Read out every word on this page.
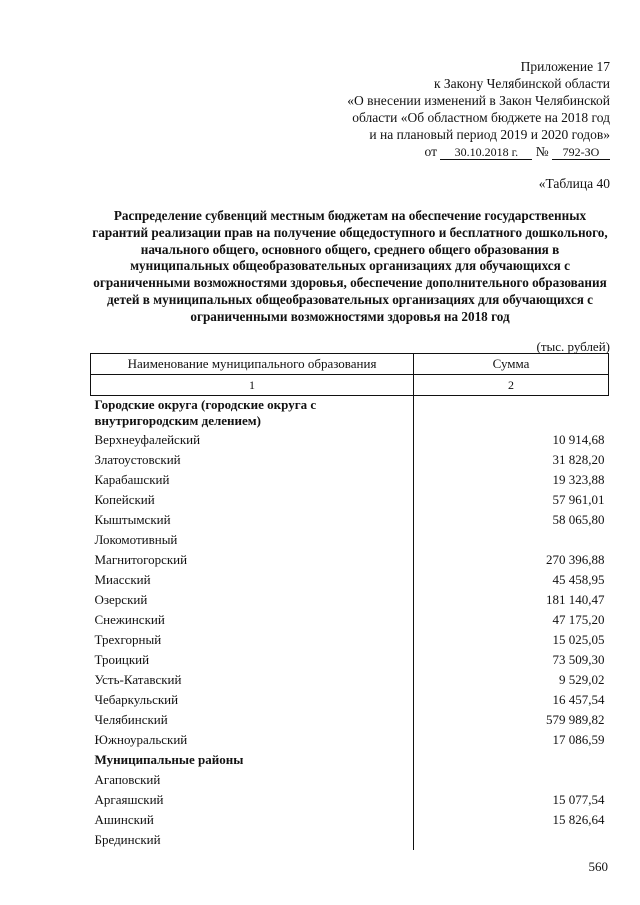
Приложение 17
к Закону Челябинской области
«О внесении изменений в Закон Челябинской
области «Об областном бюджете на 2018 год
и на плановый период 2019 и 2020 годов»
от 30.10.2018 г. № 792-ЗО
«Таблица 40
Распределение субвенций местным бюджетам на обеспечение государственных гарантий реализации прав на получение общедоступного и бесплатного дошкольного, начального общего, основного общего, среднего общего образования в муниципальных общеобразовательных организациях для обучающихся с ограниченными возможностями здоровья, обеспечение дополнительного образования детей в муниципальных общеобразовательных организациях для обучающихся с ограниченными возможностями здоровья на 2018 год
(тыс. рублей)
Наименование муниципального образования	Сумма
1	2
Городские округа (городские округа с внутригородским делением)	
Верхнеуфалейский	10 914,68
Златоустовский	31 828,20
Карабашский	19 323,88
Копейский	57 961,01
Кыштымский	58 065,80
Локомотивный	
Магнитогорский	270 396,88
Миасский	45 458,95
Озерский	181 140,47
Снежинский	47 175,20
Трехгорный	15 025,05
Троицкий	73 509,30
Усть-Катавский	9 529,02
Чебаркульский	16 457,54
Челябинский	579 989,82
Южноуральский	17 086,59
Муниципальные районы	
Агаповский	
Аргаяшский	15 077,54
Ашинский	15 826,64
Брединский	
560
